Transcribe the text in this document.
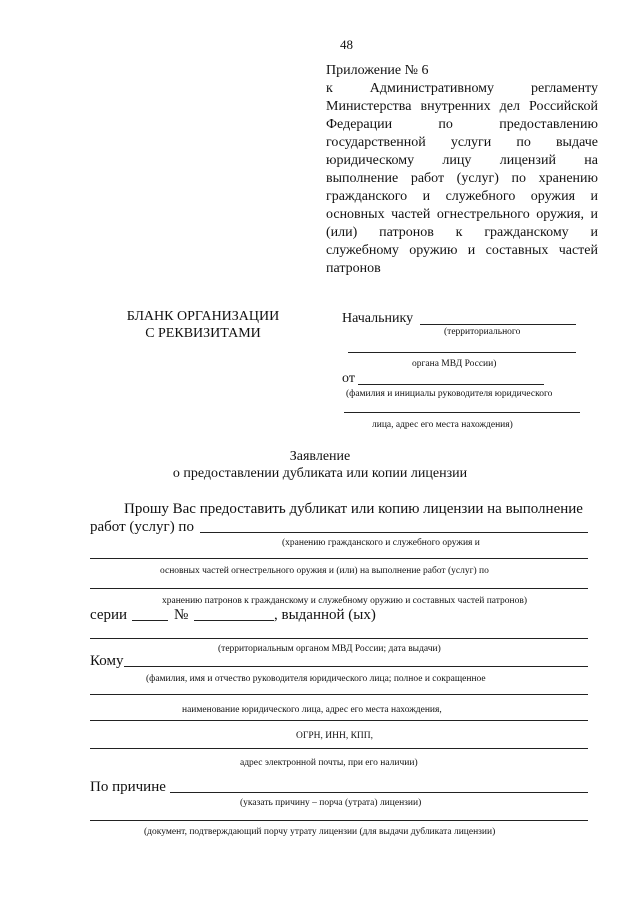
48
Приложение № 6
к Административному регламенту Министерства внутренних дел Российской Федерации по предоставлению государственной услуги по выдаче юридическому лицу лицензий на выполнение работ (услуг) по хранению гражданского и служебного оружия и основных частей огнестрельного оружия, и (или) патронов к гражданскому и служебному оружию и составных частей патронов
БЛАНК ОРГАНИЗАЦИИ
С РЕКВИЗИТАМИ
Начальнику
(территориального
органа МВД России)
от
(фамилия и инициалы руководителя юридического
лица, адрес его места нахождения)
Заявление
о предоставлении дубликата или копии лицензии
Прошу Вас предоставить дубликат или копию лицензии на выполнение
работ (услуг) по
(хранению гражданского и служебного оружия и
основных частей огнестрельного оружия и (или) на выполнение работ (услуг) по
хранению патронов к гражданскому и служебному оружию и составных частей патронов)
серии	№	, выданной (ых)
(территориальным органом МВД России; дата выдачи)
Кому
(фамилия, имя и отчество руководителя юридического лица; полное и сокращенное
наименование юридического лица, адрес его места нахождения,
ОГРН, ИНН, КПП,
адрес электронной почты, при его наличии)
По причине
(указать причину – порча (утрата) лицензии)
(документ, подтверждающий порчу утрату лицензии (для выдачи дубликата лицензии)
